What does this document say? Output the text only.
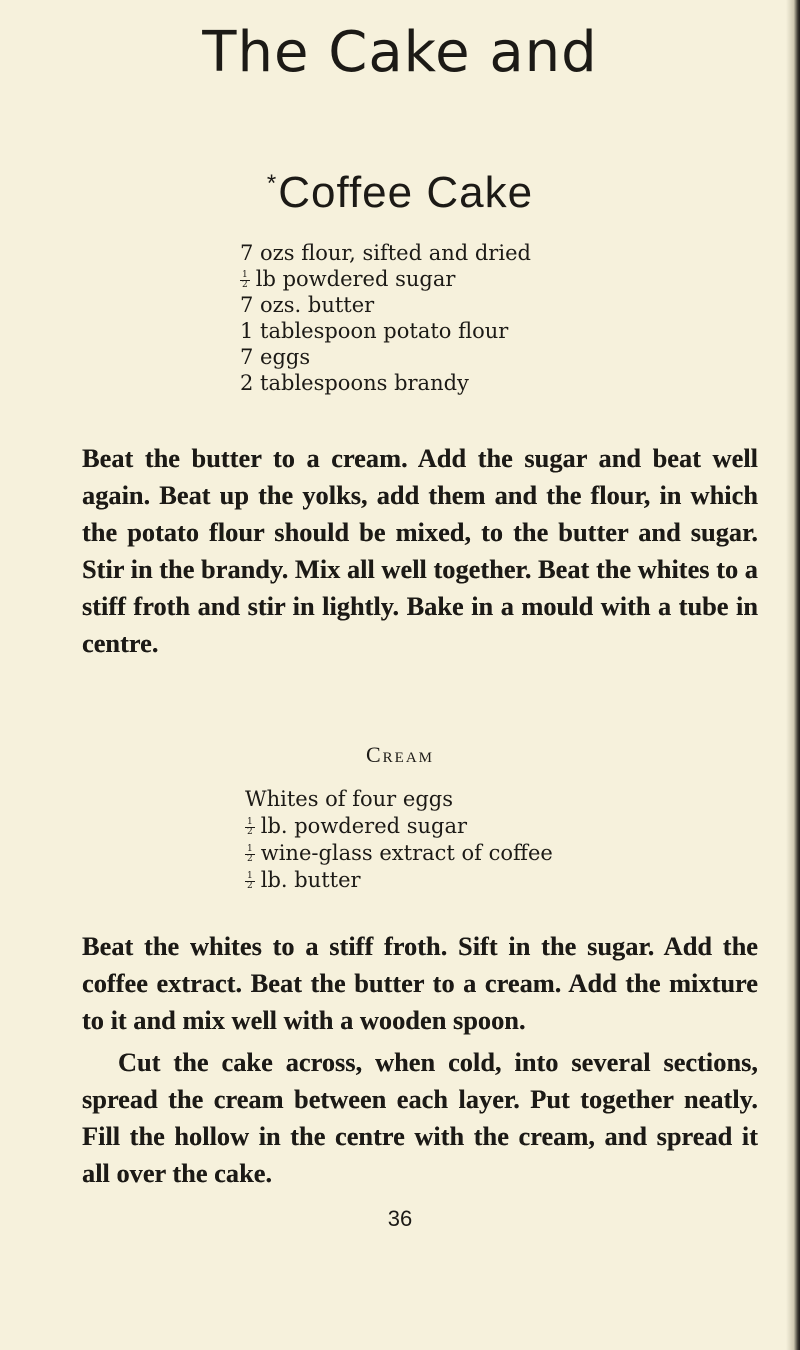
The Cake and
*Coffee Cake
7 ozs flour, sifted and dried
$\frac{1}{2}$ lb powdered sugar
7 ozs. butter
1 tablespoon potato flour
7 eggs
2 tablespoons brandy

Beat the butter to a cream. Add the sugar and beat well again. Beat up the yolks, add them and the flour, in which the potato flour should be mixed, to the butter and sugar. Stir in the brandy. Mix all well together. Beat the whites to a stiff froth and stir in lightly. Bake in a mould with a tube in centre.

Cream
Whites of four eggs
$\frac{1}{2}$ lb. powdered sugar
$\frac{1}{2}$ wine-glass extract of coffee
$\frac{1}{2}$ lb. butter

Beat the whites to a stiff froth. Sift in the sugar. Add the coffee extract. Beat the butter to a cream. Add the mixture to it and mix well with a wooden spoon.

Cut the cake across, when cold, into several sections, spread the cream between each layer. Put together neatly. Fill the hollow in the centre with the cream, and spread it all over the cake.

36
